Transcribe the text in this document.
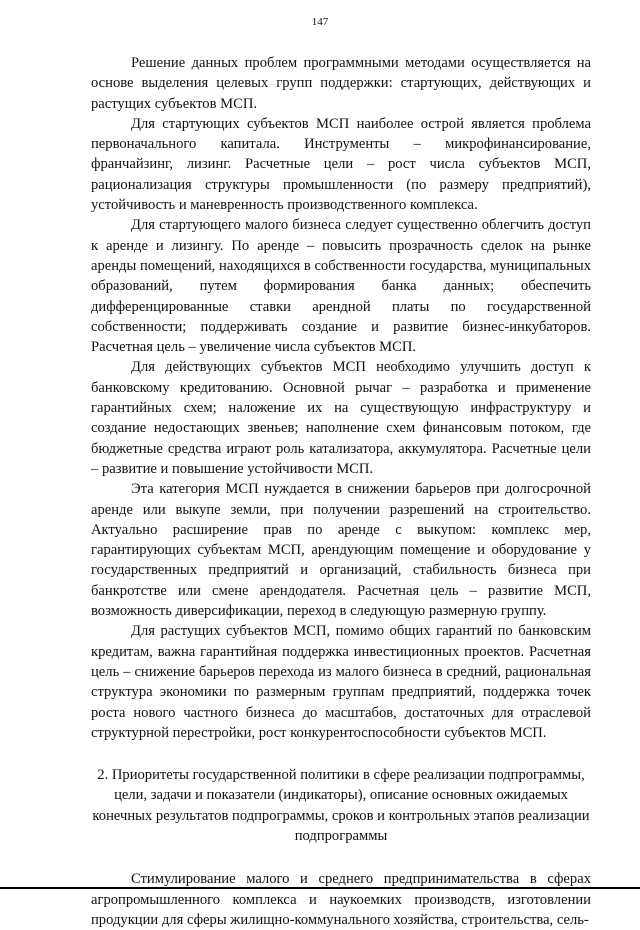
147

Решение данных проблем программными методами осуществляется на основе выделения целевых групп поддержки: стартующих, действующих и растущих субъектов МСП.

Для стартующих субъектов МСП наиболее острой является проблема первоначального капитала. Инструменты – микрофинансирование, франчайзинг, лизинг. Расчетные цели – рост числа субъектов МСП, рационализация структуры промышленности (по размеру предприятий), устойчивость и маневренность производственного комплекса.

Для стартующего малого бизнеса следует существенно облегчить доступ к аренде и лизингу. По аренде – повысить прозрачность сделок на рынке аренды помещений, находящихся в собственности государства, муниципальных образований, путем формирования банка данных; обеспечить дифференцированные ставки арендной платы по государственной собственности; поддерживать создание и развитие бизнес-инкубаторов. Расчетная цель – увеличение числа субъектов МСП.

Для действующих субъектов МСП необходимо улучшить доступ к банковскому кредитованию. Основной рычаг – разработка и применение гарантийных схем; наложение их на существующую инфраструктуру и создание недостающих звеньев; наполнение схем финансовым потоком, где бюджетные средства играют роль катализатора, аккумулятора. Расчетные цели – развитие и повышение устойчивости МСП.

Эта категория МСП нуждается в снижении барьеров при долгосрочной аренде или выкупе земли, при получении разрешений на строительство. Актуально расширение прав по аренде с выкупом: комплекс мер, гарантирующих субъектам МСП, арендующим помещение и оборудование у государственных предприятий и организаций, стабильность бизнеса при банкротстве или смене арендодателя. Расчетная цель – развитие МСП, возможность диверсификации, переход в следующую размерную группу.

Для растущих субъектов МСП, помимо общих гарантий по банковским кредитам, важна гарантийная поддержка инвестиционных проектов. Расчетная цель – снижение барьеров перехода из малого бизнеса в средний, рациональная структура экономики по размерным группам предприятий, поддержка точек роста нового частного бизнеса до масштабов, достаточных для отраслевой структурной перестройки, рост конкурентоспособности субъектов МСП.

2. Приоритеты государственной политики в сфере реализации подпрограммы, цели, задачи и показатели (индикаторы), описание основных ожидаемых конечных результатов подпрограммы, сроков и контрольных этапов реализации подпрограммы

Стимулирование малого и среднего предпринимательства в сферах агропромышленного комплекса и наукоемких производств, изготовлении продукции для сферы жилищно-коммунального хозяйства, строительства, сель-
